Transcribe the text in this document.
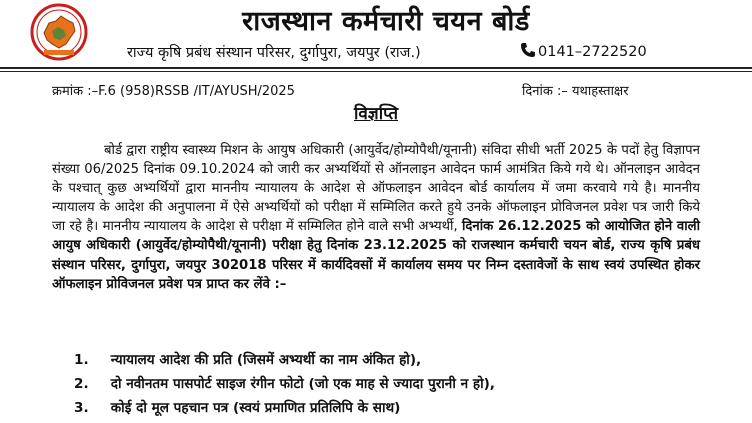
राजस्थान कर्मचारी चयन बोर्ड
राज्य कृषि प्रबंध संस्थान परिसर, दुर्गापुरा, जयपुर (राज.)	0141–2722520
क्रमांक :–F.6 (958)RSSB /IT/AYUSH/2025	दिनांक :– यथाहस्ताक्षर
विज्ञप्ति
बोर्ड द्वारा राष्ट्रीय स्वास्थ्य मिशन के आयुष अधिकारी (आयुर्वेद/होम्योपैथी/यूनानी) संविदा सीधी भर्ती 2025 के पदों हेतु विज्ञापन संख्या 06/2025 दिनांक 09.10.2024 को जारी कर अभ्यर्थियों से ऑनलाइन आवेदन फार्म आमंत्रित किये गये थे। ऑनलाइन आवेदन के पश्चात् कुछ अभ्यर्थियों द्वारा माननीय न्यायालय के आदेश से ऑफलाइन आवेदन बोर्ड कार्यालय में जमा करवाये गये है। माननीय न्यायालय के आदेश की अनुपालना में ऐसे अभ्यर्थियों को परीक्षा में सम्मिलित करते हुये उनके ऑफलाइन प्रोविजनल प्रवेश पत्र जारी किये जा रहे है। माननीय न्यायालय के आदेश से परीक्षा में सम्मिलित होने वाले सभी अभ्यर्थी, दिनांक 26.12.2025 को आयोजित होने वाली आयुष अधिकारी (आयुर्वेद/होम्योपैथी/यूनानी) परीक्षा हेतु दिनांक 23.12.2025 को राजस्थान कर्मचारी चयन बोर्ड, राज्य कृषि प्रबंध संस्थान परिसर, दुर्गापुरा, जयपुर 302018 परिसर में कार्यदिवसों में कार्यालय समय पर निम्न दस्तावेजों के साथ स्वयं उपस्थित होकर ऑफलाइन प्रोविजनल प्रवेश पत्र प्राप्त कर लेंवे :–
1. न्यायालय आदेश की प्रति (जिसमें अभ्यर्थी का नाम अंकित हो),
2. दो नवीनतम पासपोर्ट साइज रंगीन फोटो (जो एक माह से ज्यादा पुरानी न हो),
3. कोई दो मूल पहचान पत्र (स्वयं प्रमाणित प्रतिलिपि के साथ)
